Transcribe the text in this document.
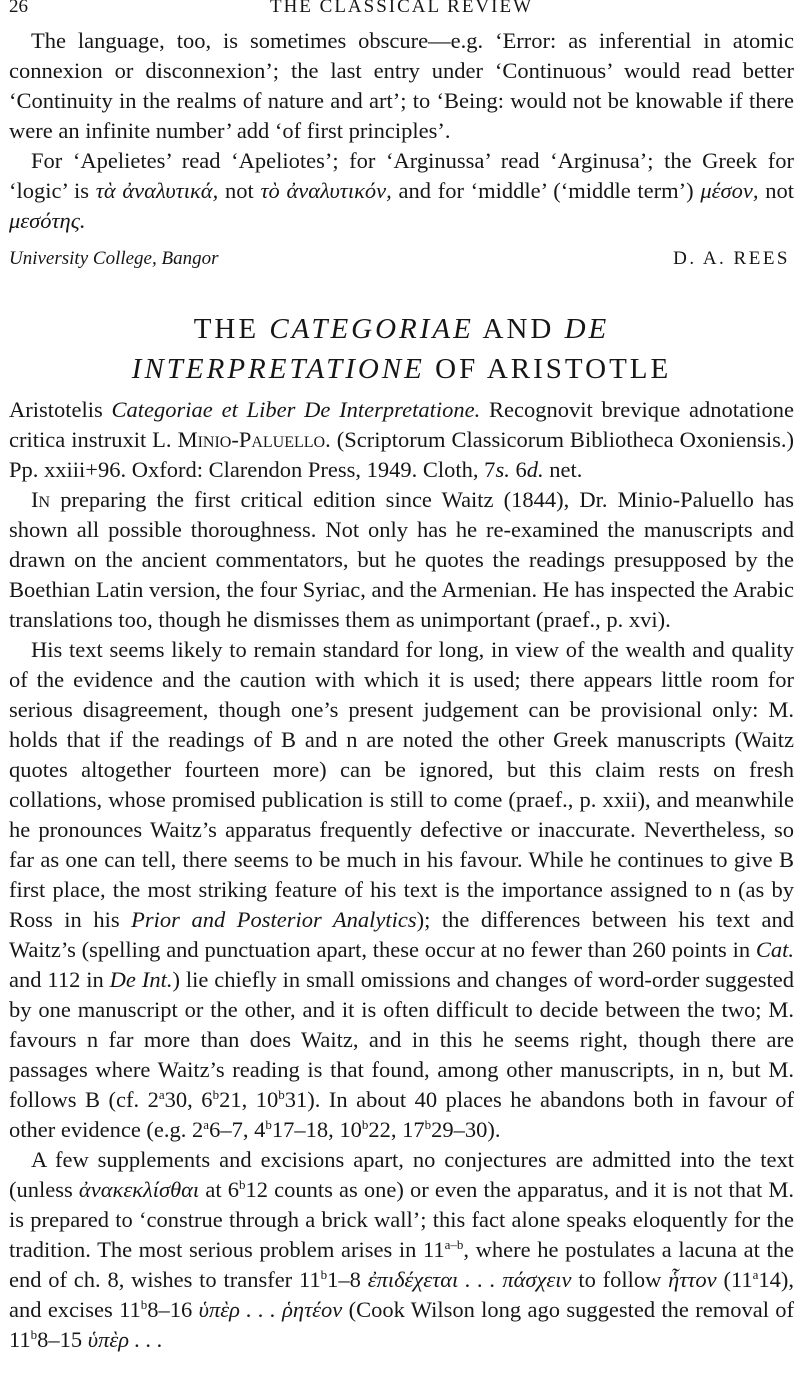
26	THE CLASSICAL REVIEW

The language, too, is sometimes obscure—e.g. ‘Error: as inferential in atomic connexion or disconnexion’; the last entry under ‘Continuous’ would read better ‘Continuity in the realms of nature and art’; to ‘Being: would not be knowable if there were an infinite number’ add ‘of first principles’.

For ‘Apelietes’ read ‘Apeliotes’; for ‘Arginussa’ read ‘Arginusa’; the Greek for ‘logic’ is τὰ ἀναλυτικά, not τὸ ἀναλυτικόν, and for ‘middle’ (‘middle term’) μέσον, not μεσότης.

University College, Bangor	D. A. REES
THE CATEGORIAE AND DE
INTERPRETATIONE OF ARISTOTLE
Aristotelis Categoriae et Liber De Interpretatione. Recognovit brevique adnotatione critica instruxit L. Minio-Paluello. (Scriptorum Classicorum Bibliotheca Oxoniensis.) Pp. xxiii+96. Oxford: Clarendon Press, 1949. Cloth, 7s. 6d. net.

In preparing the first critical edition since Waitz (1844), Dr. Minio-Paluello has shown all possible thoroughness. Not only has he re-examined the manuscripts and drawn on the ancient commentators, but he quotes the readings presupposed by the Boethian Latin version, the four Syriac, and the Armenian. He has inspected the Arabic translations too, though he dismisses them as unimportant (praef., p. xvi).

His text seems likely to remain standard for long, in view of the wealth and quality of the evidence and the caution with which it is used; there appears little room for serious disagreement, though one’s present judgement can be provisional only: M. holds that if the readings of B and n are noted the other Greek manuscripts (Waitz quotes altogether fourteen more) can be ignored, but this claim rests on fresh collations, whose promised publication is still to come (praef., p. xxii), and meanwhile he pronounces Waitz’s apparatus frequently defective or inaccurate. Nevertheless, so far as one can tell, there seems to be much in his favour. While he continues to give B first place, the most striking feature of his text is the importance assigned to n (as by Ross in his Prior and Posterior Analytics); the differences between his text and Waitz’s (spelling and punctuation apart, these occur at no fewer than 260 points in Cat. and 112 in De Int.) lie chiefly in small omissions and changes of word-order suggested by one manuscript or the other, and it is often difficult to decide between the two; M. favours n far more than does Waitz, and in this he seems right, though there are passages where Waitz’s reading is that found, among other manuscripts, in n, but M. follows B (cf. 2$^a$30, 6$^b$21, 10$^b$31). In about 40 places he abandons both in favour of other evidence (e.g. 2$^a$6–7, 4$^b$17–18, 10$^b$22, 17$^b$29–30).

A few supplements and excisions apart, no conjectures are admitted into the text (unless ἀνακεκλίσθαι at 6$^b$12 counts as one) or even the apparatus, and it is not that M. is prepared to ‘construe through a brick wall’; this fact alone speaks eloquently for the tradition. The most serious problem arises in 11$^{a-b}$, where he postulates a lacuna at the end of ch. 8, wishes to transfer 11$^b$1–8 ἐπιδέχεται . . . πάσχειν to follow ἧττον (11$^a$14), and excises 11$^b$8–16 ὑπὲρ . . . ῥητέον (Cook Wilson long ago suggested the removal of 11$^b$8–15 ὑπὲρ . . .
